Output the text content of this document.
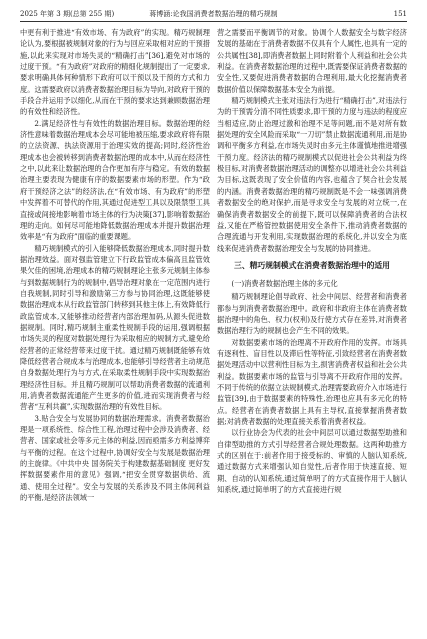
2025 年第 3 期(总第 255 期)	蒋博涵:论我国消费者数据治理的精巧规制	151

中更有利于推进“有效市场、有为政府”的实现。精巧规制理论认为,要根据被规制对象的行为与回应采取相对应的干预措施,以此来实现对市场失灵的“精确打击”[36],避免对市场的过度干预。“有为政府”对政府的精细化规制提出了一定要求,要求明确具体何种情形下政府可以干预以及干预的方式和力度。这需要政府以消费者数据治理目标为导向,对政府干预的手段合并运用予以细化,从而在干预的要求达到兼顾数据治理的有效性和经济性。

2.满足经济性与有效性的数据治理目标。数据治理的经济性意味着数据治理成本会尽可能地被压缩,要求政府将有限的立法资源、执法资源用于治理实效的提高;同时,经济性治理成本也会被转移到消费者数据治理的成本中,从而在经济性之中,以此来让数据治理的合作更加有序与稳定。有效的数据治理主要表现为健康有序的数据要素市场的形塑。作为“政府干预经济之法”的经济法,在“有效市场、有为政府”的形塑中发挥着不可替代的作用,其通过促进型工具以及限禁型工具直接或间接地影响着市场主体的行为决策[37],影响着数据治理的走向。如何尽可能地降低数据治理成本并提升数据治理效率是“有为政府”面临的重要课题。

精巧规制模式的引入能够降低数据治理成本,同时提升数据治理效益。面对强监管建立下行政监管成本偏高且监管效果欠佳的困境,治理成本的精巧规制理论主张多元规制主体参与到数据规制行为的规制中,倡导治理对象在一定范围内进行自我规制,同时引导和激励第三方参与协同治理,这既能够使数据治理成本从行政监管部门转移到其他主体上,有效降低行政监管成本,又能够推动经营者内部治理加码,从源头促进数据规制。同时,精巧规制主重柔性规制手段的运用,强调根据市场失灵的程度对数据处理行为采取相应的规制方式,避免给经营者的正常经营带来过度干扰。通过精巧规制既能够有效降低经营者合规成本与治理成本,也能够引导经营者主动规范自身数据处理行为与方式,在采取柔性规制手段中实现数据治理经济性目标。并且精巧规制可以帮助消费者数据的流通利用,消费者数据流通能产生更多的价值,进而实现消费者与经营者“互利共赢”,实现数据治理的有效性目标。

3.贴合安全与发展协同的数据治理需求。消费者数据治理是一项系统性、综合性工程,治理过程中会涉及消费者、经营者、国家或社会等多元主体的利益,因而亟需多方利益博弈与平衡的过程。在这个过程中,协调好安全与发展是数据治理的主旋律。《中共中央 国务院关于构建数据基础制度 更好发挥数据要素作用的意见》强调,“把安全贯穿数据供给、流通、使用全过程”。安全与发展的关系涉及不同主体间利益的平衡,是经济法领域一

营之需要而平衡调节的对象。协调个人数据安全与数字经济发展的基础在于消费者数据不仅具有个人属性,也具有一定的公共属性[38],即消费者数据上同时附着个人利益和社会公共利益。在消费者数据治理的过程中,既需要保证消费者数据的安全性,又要促进消费者数据的合理利用,最大化挖掘消费者数据价值以保障数据基本安全为前提。

精巧规制模式主张对违法行为进行“精确打击”,对违法行为的干预需分清不同性质要求,即干预的力度与违法的程度应当相适应,防止治理过激和治理不足等问题,而不是对所有数据处理的安全风险而采取“一刀切”禁止数据流通利用,而是协调和平衡多方利益,在市场失灵时由多元主体谨慎地推进增强干预力度。经济法的精巧规制模式以促进社会公共利益为终极目标,对消费者数据治理活动的调整亦以增进社会公共利益为目标,这既表现了安全价值的内容,也蕴含了契合社会发展的内涵。消费者数据治理的精巧规制既是不会一味强调消费者数据安全的绝对保护,而是寻求安全与发展的对立统一,在确保消费者数据安全的前提下,既可以保障消费者的合法权益,又能在严格管控数据使用安全条件下,推动消费者数据的合理流通与开发利用,实现数据治理的系统化,并以安全为底线来促进消费者数据治理安全与发展的协同推进。

三、精巧规制模式在消费者数据治理中的适用
(一)消费者数据治理主体的多元化

精巧规制理论倡导政府、社会中间层、经营者和消费者都参与到消费者数据治理中。政府和非政府主体在消费者数据治理中的角色、权力(权利)及行使方式存在差异,对消费者数据治理行为的规制也会产生不同的效果。

对数据要素市场的治理离不开政府作用的发挥。市场具有逐利性、盲目性以及滞后性等特征,引致经营者在消费者数据处理活动中以营利性目标为主,损害消费者权益和社会公共利益。数据要素市场的监管与引导离不开政府作用的发挥。不同于传统的依据立法规制模式,治理需要政府介入市场进行监管[39],由于数据要素的特殊性,治理也应具有多元化的特点。经营者在消费者数据上具有主导权,直接掌握消费者数据;对消费者数据的处理直接关系着消费者权益。

以行业协会为代表的社会中间层可以通过数据型助推和自律型助推的方式引导经营者合规处理数据。这两种助推方式的区别在于:前者作用于接受标的、审慎的人脑认知系统,通过数据方式来增强认知自觉性,后者作用于快速直接、短期、自动的认知系统,通过简单明了的方式直接作用于人脑认知系统,通过简单明了的方式直接进行规
